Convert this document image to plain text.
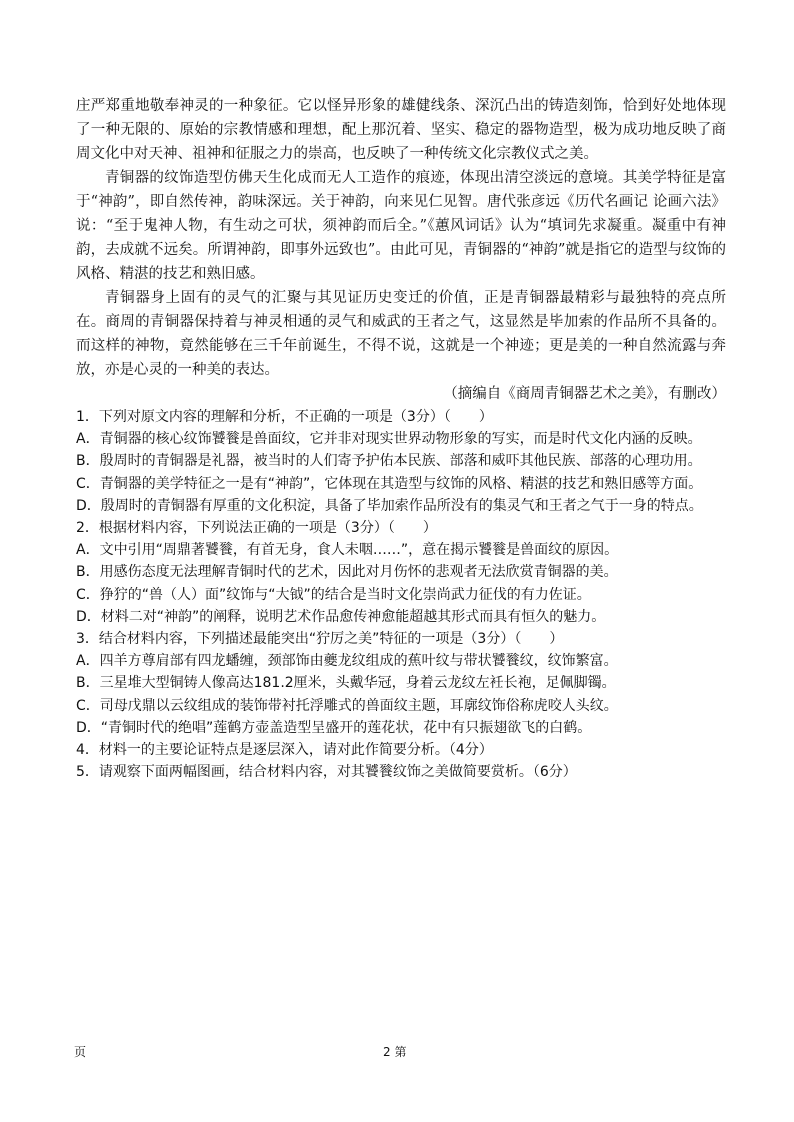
庄严郑重地敬奉神灵的一种象征。它以怪异形象的雄健线条、深沉凸出的铸造刻饰，恰到好处地体现了一种无限的、原始的宗教情感和理想，配上那沉着、坚实、稳定的器物造型，极为成功地反映了商周文化中对天神、祖神和征服之力的崇高，也反映了一种传统文化宗教仪式之美。

青铜器的纹饰造型仿佛天生化成而无人工造作的痕迹，体现出清空淡远的意境。其美学特征是富于“神韵”，即自然传神，韵味深远。关于神韵，向来见仁见智。唐代张彦远《历代名画记 论画六法》说：“至于鬼神人物，有生动之可状，须神韵而后全。”《蕙风词话》认为“填词先求凝重。凝重中有神韵，去成就不远矣。所谓神韵，即事外远致也”。由此可见，青铜器的“神韵”就是指它的造型与纹饰的风格、精湛的技艺和熟旧感。

青铜器身上固有的灵气的汇聚与其见证历史变迁的价值，正是青铜器最精彩与最独特的亮点所在。商周的青铜器保持着与神灵相通的灵气和威武的王者之气，这显然是毕加索的作品所不具备的。而这样的神物，竟然能够在三千年前诞生，不得不说，这就是一个神迹；更是美的一种自然流露与奔放，亦是心灵的一种美的表达。

（摘编自《商周青铜器艺术之美》，有删改）

1．下列对原文内容的理解和分析，不正确的一项是（3分）（　　）

A．青铜器的核心纹饰饕餮是兽面纹，它并非对现实世界动物形象的写实，而是时代文化内涵的反映。

B．殷周时的青铜器是礼器，被当时的人们寄予护佑本民族、部落和威吓其他民族、部落的心理功用。

C．青铜器的美学特征之一是有“神韵”，它体现在其造型与纹饰的风格、精湛的技艺和熟旧感等方面。

D．殷周时的青铜器有厚重的文化积淀，具备了毕加索作品所没有的集灵气和王者之气于一身的特点。

2．根据材料内容，下列说法正确的一项是（3分）（　　）

A．文中引用“周鼎著饕餮，有首无身，食人未咽……”，意在揭示饕餮是兽面纹的原因。

B．用感伤态度无法理解青铜时代的艺术，因此对月伤怀的悲观者无法欣赏青铜器的美。

C．狰狞的“兽（人）面”纹饰与“大钺”的结合是当时文化崇尚武力征伐的有力佐证。

D．材料二对“神韵”的阐释，说明艺术作品愈传神愈能超越其形式而具有恒久的魅力。

3．结合材料内容，下列描述最能突出“狞厉之美”特征的一项是（3分）（　　）

A．四羊方尊肩部有四龙蟠缠，颈部饰由夔龙纹组成的蕉叶纹与带状饕餮纹，纹饰繁富。

B．三星堆大型铜铸人像高达181.2厘米，头戴华冠，身着云龙纹左衽长袍，足佩脚镯。

C．司母戊鼎以云纹组成的装饰带衬托浮雕式的兽面纹主题，耳廓纹饰俗称虎咬人头纹。

D．“青铜时代的绝唱”莲鹤方壶盖造型呈盛开的莲花状，花中有只振翅欲飞的白鹤。

4．材料一的主要论证特点是逐层深入，请对此作简要分析。（4分）

5．请观察下面两幅图画，结合材料内容，对其饕餮纹饰之美做简要赏析。（6分）

页	2 第
